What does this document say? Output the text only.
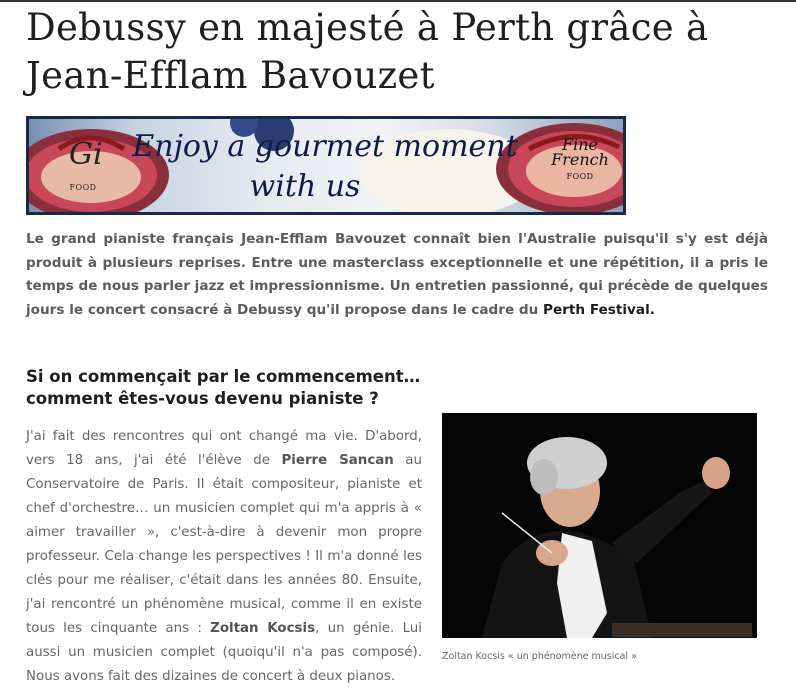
Debussy en majesté à Perth grâce à Jean-Efflam Bavouzet
Gi
FOOD
Enjoy a gourmet moment
with us
Fine
French
FOOD

Le grand pianiste français Jean-Efflam Bavouzet connaît bien l'Australie puisqu'il s'y est déjà produit à plusieurs reprises. Entre une masterclass exceptionnelle et une répétition, il a pris le temps de nous parler jazz et impressionnisme. Un entretien passionné, qui précède de quelques jours le concert consacré à Debussy qu'il propose dans le cadre du Perth Festival.

Si on commençait par le commencement…
comment êtes-vous devenu pianiste ?

J'ai fait des rencontres qui ont changé ma vie. D'abord, vers 18 ans, j'ai été l'élève de Pierre Sancan au Conservatoire de Paris. Il était compositeur, pianiste et chef d'orchestre… un musicien complet qui m'a appris à « aimer travailler », c'est-à-dire à devenir mon propre professeur. Cela change les perspectives ! Il m'a donné les clés pour me réaliser, c'était dans les années 80. Ensuite, j'ai rencontré un phénomène musical, comme il en existe tous les cinquante ans : Zoltan Kocsis, un génie. Lui aussi un musicien complet (quoiqu'il n'a pas composé). Nous avons fait des dizaines de concert à deux pianos.

Zoltan Kocsis « un phénomène musical »
